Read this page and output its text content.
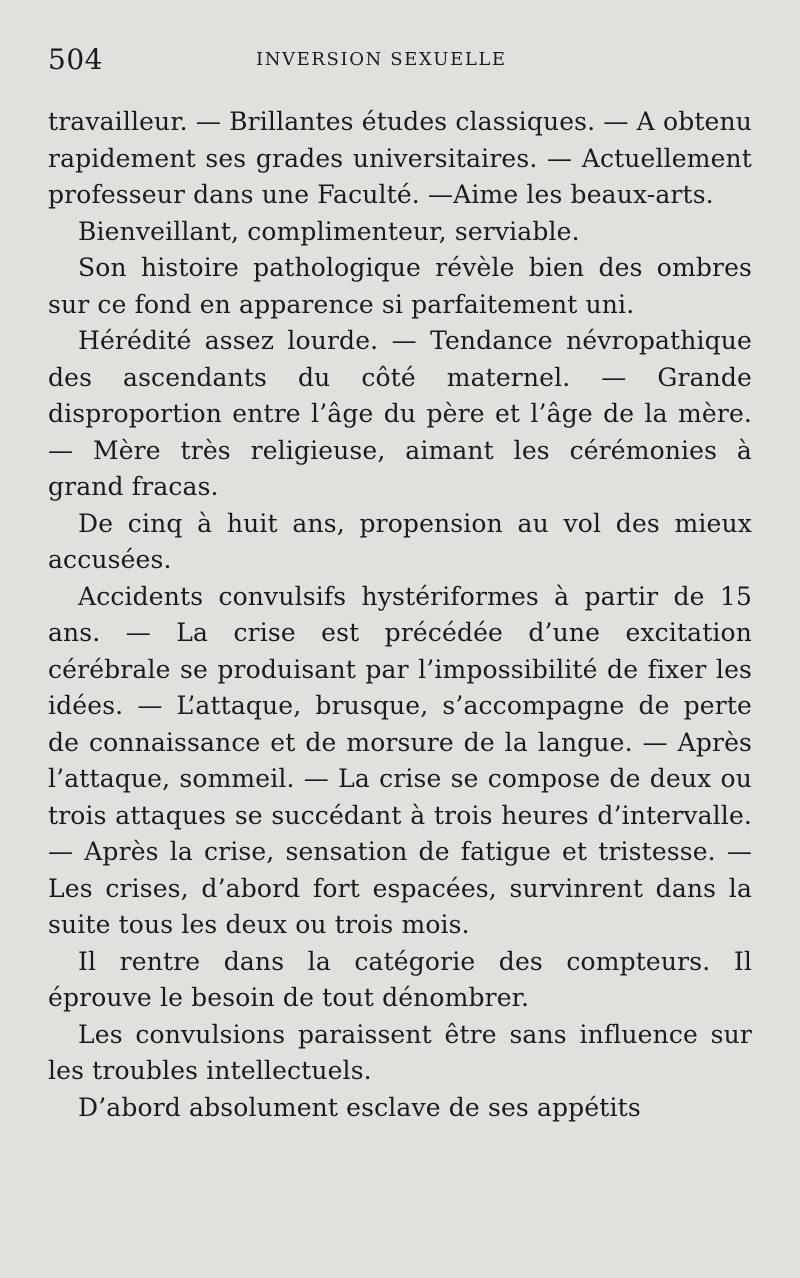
504	INVERSION SEXUELLE

travailleur. — Brillantes études classiques. — A obtenu rapidement ses grades universitaires. — Actuellement professeur dans une Faculté. —Aime les beaux-arts.

Bienveillant, complimenteur, serviable.

Son histoire pathologique révèle bien des ombres sur ce fond en apparence si parfaitement uni.

Hérédité assez lourde. — Tendance névropathique des ascendants du côté maternel. — Grande disproportion entre l’âge du père et l’âge de la mère. — Mère très religieuse, aimant les cérémonies à grand fracas.

De cinq à huit ans, propension au vol des mieux accusées.

Accidents convulsifs hystériformes à partir de 15 ans. — La crise est précédée d’une excitation cérébrale se produisant par l’impossibilité de fixer les idées. — L’attaque, brusque, s’accompagne de perte de connaissance et de morsure de la langue. — Après l’attaque, sommeil. — La crise se compose de deux ou trois attaques se succédant à trois heures d’intervalle. — Après la crise, sensation de fatigue et tristesse. — Les crises, d’abord fort espacées, survinrent dans la suite tous les deux ou trois mois.

Il rentre dans la catégorie des compteurs. Il éprouve le besoin de tout dénombrer.

Les convulsions paraissent être sans influence sur les troubles intellectuels.

D’abord absolument esclave de ses appétits
